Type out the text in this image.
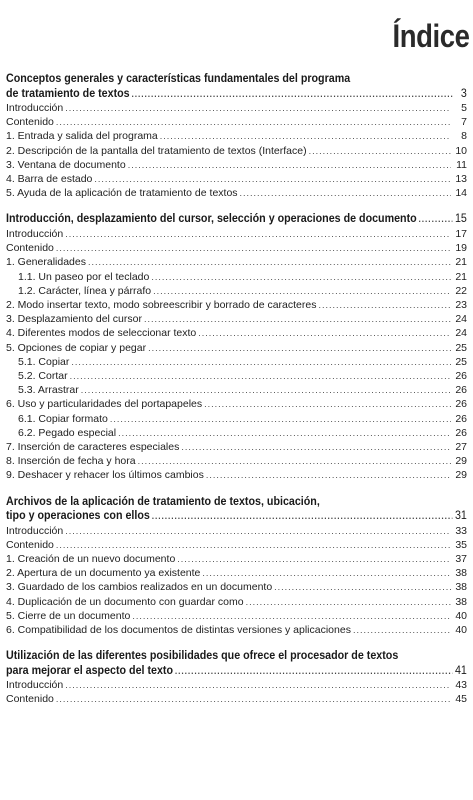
Índice
Conceptos generales y características fundamentales del programa
de tratamiento de textos .....	3
Introducción .....	5
Contenido .....	7
1. Entrada y salida del programa .....	8
2. Descripción de la pantalla del tratamiento de textos (Interface) .....	10
3. Ventana de documento .....	11
4. Barra de estado .....	13
5. Ayuda de la aplicación de tratamiento de textos .....	14
Introducción, desplazamiento del cursor, selección y operaciones de documento .....	15
Introducción .....	17
Contenido .....	19
1. Generalidades .....	21
1.1. Un paseo por el teclado .....	21
1.2. Carácter, línea y párrafo .....	22
2. Modo insertar texto, modo sobreescribir y borrado de caracteres .....	23
3. Desplazamiento del cursor .....	24
4. Diferentes modos de seleccionar texto .....	24
5. Opciones de copiar y pegar .....	25
5.1. Copiar .....	25
5.2. Cortar .....	26
5.3. Arrastrar .....	26
6. Uso y particularidades del portapapeles .....	26
6.1. Copiar formato .....	26
6.2. Pegado especial .....	26
7. Inserción de caracteres especiales .....	27
8. Inserción de fecha y hora .....	29
9. Deshacer y rehacer los últimos cambios .....	29
Archivos de la aplicación de tratamiento de textos, ubicación,
tipo y operaciones con ellos .....	31
Introducción .....	33
Contenido .....	35
1. Creación de un nuevo documento .....	37
2. Apertura de un documento ya existente .....	38
3. Guardado de los cambios realizados en un documento .....	38
4. Duplicación de un documento con guardar como .....	38
5. Cierre de un documento .....	40
6. Compatibilidad de los documentos de distintas versiones y aplicaciones .....	40
Utilización de las diferentes posibilidades que ofrece el procesador de textos
para mejorar el aspecto del texto .....	41
Introducción .....	43
Contenido .....	45
